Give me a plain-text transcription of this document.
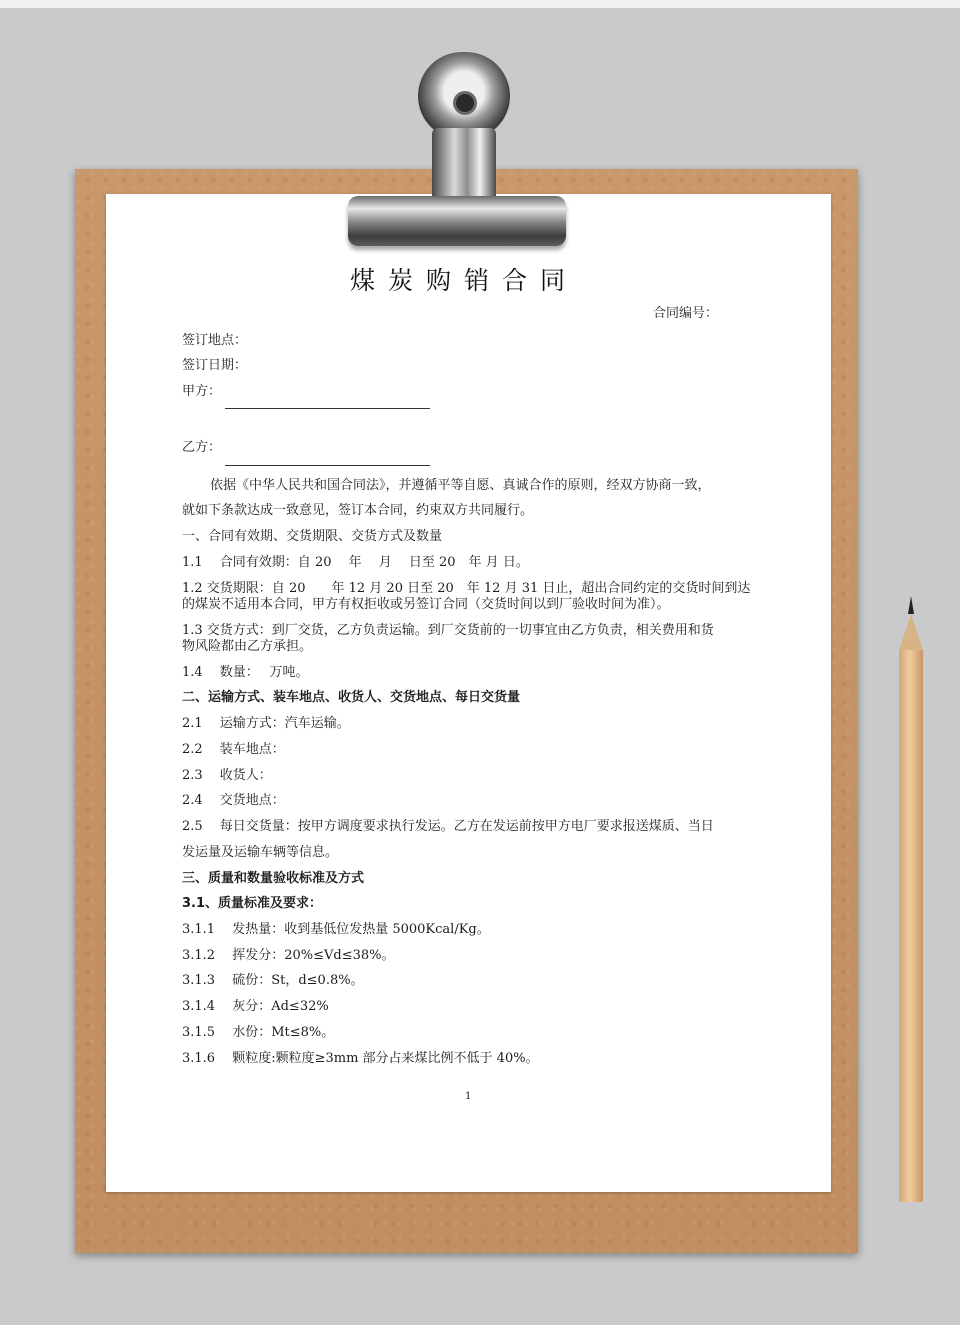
煤炭购销合同
合同编号：
签订地点：
签订日期：
甲方：
乙方：
依据《中华人民共和国合同法》，并遵循平等自愿、真诚合作的原则，经双方协商一致，
就如下条款达成一致意见，签订本合同，约束双方共同履行。
一、合同有效期、交货期限、交货方式及数量
1.1　 合同有效期：自 20　 年　 月　 日至 20　年 月 日。
1.2 交货期限：自 20　　年 12 月 20 日至 20　年 12 月 31 日止，超出合同约定的交货时间到达
的煤炭不适用本合同，甲方有权拒收或另签订合同（交货时间以到厂验收时间为准）。
1.3 交货方式：到厂交货，乙方负责运输。到厂交货前的一切事宜由乙方负责，相关费用和货
物风险都由乙方承担。
1.4　 数量：　 万吨。
二、运输方式、装车地点、收货人、交货地点、每日交货量
2.1　 运输方式：汽车运输。
2.2　 装车地点：
2.3　 收货人：
2.4　 交货地点：
2.5　 每日交货量：按甲方调度要求执行发运。乙方在发运前按甲方电厂要求报送煤质、当日
发运量及运输车辆等信息。
三、质量和数量验收标准及方式
3.1、质量标准及要求：
3.1.1　 发热量：收到基低位发热量 5000Kcal/Kg。
3.1.2　 挥发分：20%≤Vd≤38%。
3.1.3　 硫份：St，d≤0.8%。
3.1.4　 灰分：Ad≤32%
3.1.5　 水份：Mt≤8%。
3.1.6　 颗粒度:颗粒度≥3mm 部分占来煤比例不低于 40%。
1
